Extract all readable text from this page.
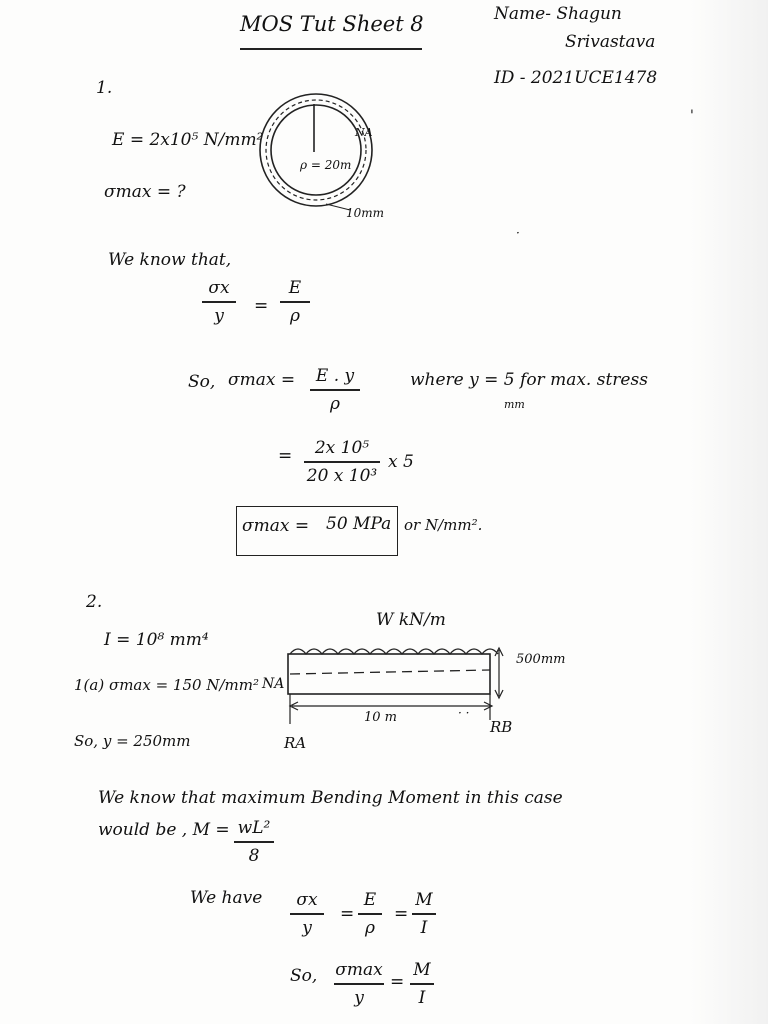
MOS Tut Sheet 8	Name- Shagun
Srivastava
ID - 2021UCE1478
'
1.
E = 2x10⁵ N/mm²
σmax = ?
ρ = 20m
NA
10mm
·
We know that,
σx
y	=
E
ρ
So, σmax =	E . y
ρ
where y = 5 for max. stress
mm
=	2x 10⁵
20 x 10³
x 5
σmax = 50 MPa or N/mm².
2.
I = 10⁸ mm⁴
1(a) σmax = 150 N/mm² NA
So, y = 250mm
W kN/m
500mm
10 m
RA
RB
· ·
We know that maximum Bending Moment in this case
would be , M = wL²
8
We have	σx
y
=
E
ρ
=
M
I
So, σmax
y
=
M
I
